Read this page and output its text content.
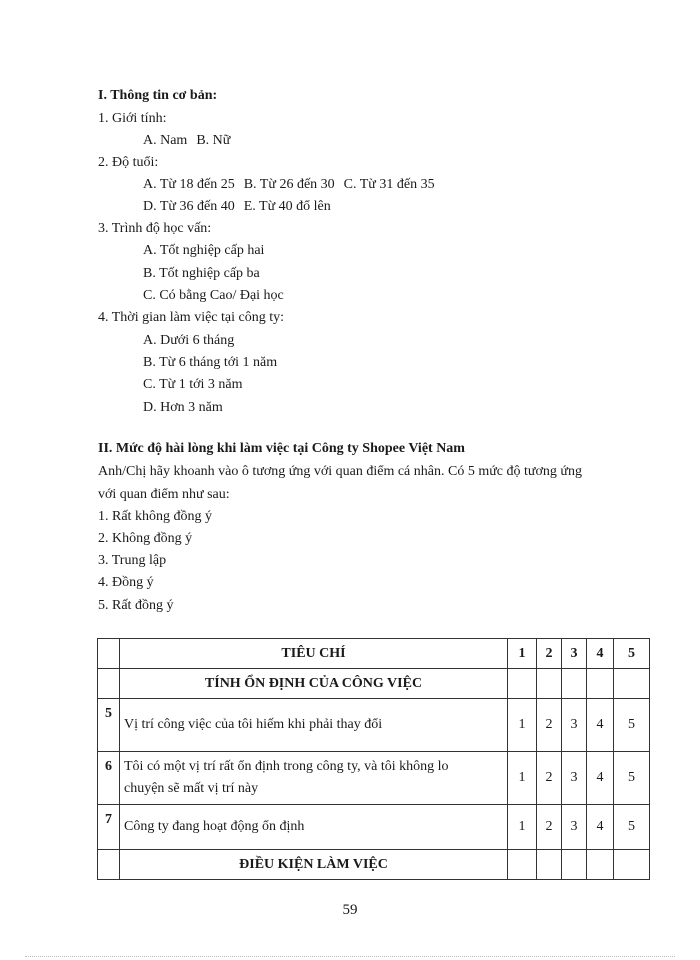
I. Thông tin cơ bản:
1. Giới tính:
A. Nam B. Nữ
2. Độ tuổi:
A. Từ 18 đến 25 B. Từ 26 đến 30 C. Từ 31 đến 35
D. Từ 36 đến 40 E. Từ 40 đổ lên
3. Trình độ học vấn:
A. Tốt nghiệp cấp hai
B. Tốt nghiệp cấp ba
C. Có bằng Cao/ Đại học
4. Thời gian làm việc tại công ty:
A. Dưới 6 tháng
B. Từ 6 tháng tới 1 năm
C. Từ 1 tới 3 năm
D. Hơn 3 năm
II. Mức độ hài lòng khi làm việc tại Công ty Shopee Việt Nam
Anh/Chị hãy khoanh vào ô tương ứng với quan điểm cá nhân. Có 5 mức độ tương ứng
với quan điểm như sau:
1. Rất không đồng ý
2. Không đồng ý
3. Trung lập
4. Đồng ý
5. Rất đồng ý
	TIÊU CHÍ	1	2	3	4	5
	TÍNH ỔN ĐỊNH CỦA CÔNG VIỆC					
5	Vị trí công việc của tôi hiếm khi phải thay đổi	1	2	3	4	5
6	Tôi có một vị trí rất ổn định trong công ty, và tôi không lo
chuyện sẽ mất vị trí này	1	2	3	4	5
7	Công ty đang hoạt động ổn định	1	2	3	4	5
	ĐIỀU KIỆN LÀM VIỆC					
59
